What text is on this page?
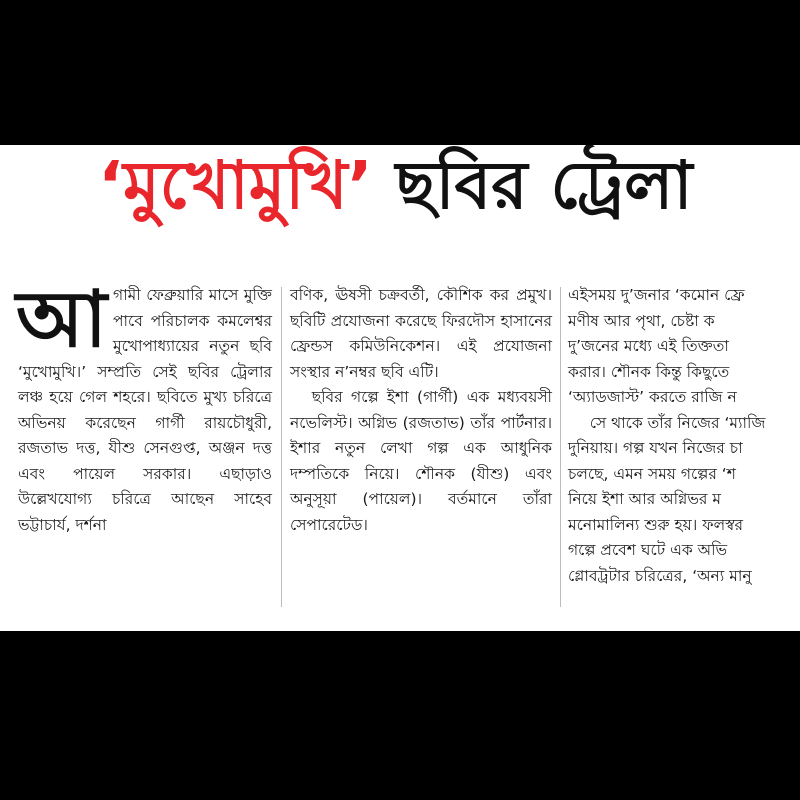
‘মুখোমুখি’ ছবির ট্রেলা
আ গামী ফেব্রুয়ারি মাসে মুক্তি পাবে পরিচালক কমলেশ্বর মুখোপাধ্যায়ের নতুন ছবি ‘মুখোমুখি।’ সম্প্রতি সেই ছবির ট্রেলার লঞ্চ হয়ে গেল শহরে। ছবিতে মুখ্য চরিত্রে অভিনয় করেছেন গার্গী রায়চৌধুরী, রজতাভ দত্ত, যীশু সেনগুপ্ত, অঞ্জন দত্ত এবং পায়েল সরকার। এছাড়াও উল্লেখযোগ্য চরিত্রে আছেন সাহেব ভট্টাচার্য, দর্শনা

বণিক, ঊষসী চক্রবর্তী, কৌশিক কর প্রমুখ। ছবিটি প্রযোজনা করেছে ফিরদৌস হাসানের ফ্রেন্ডস কমিউনিকেশন। এই প্রযোজনা সংস্থার ন’নম্বর ছবি এটি।

ছবির গল্পে ইশা (গার্গী) এক মধ্যবয়সী নভেলিস্ট। অগ্নিভ (রজতাভ) তাঁর পার্টনার। ইশার নতুন লেখা গল্প এক আধুনিক দম্পতিকে নিয়ে। শৌনক (যীশু) এবং অনুসূয়া (পায়েল)। বর্তমানে তাঁরা সেপারেটেড।

এইসময় দু’জনার ‘কমোন ফ্রে

মণীষ আর পৃথা, চেষ্টা ক

দু’জনের মধ্যে এই তিক্ততা

করার। শৌনক কিন্তু কিছুতে

‘অ্যাডজাস্ট’ করতে রাজি ন

সে থাকে তাঁর নিজের ‘ম্যাজি

দুনিয়ায়। গল্প যখন নিজের চা

চলছে, এমন সময় গল্পের ‘শ

নিয়ে ইশা আর অগ্নিভর ম

মনোমালিন্য শুরু হয়। ফলস্বর

গল্পে প্রবেশ ঘটে এক অভি

গ্লোবট্রটার চরিত্রের, ‘অন্য মানু
